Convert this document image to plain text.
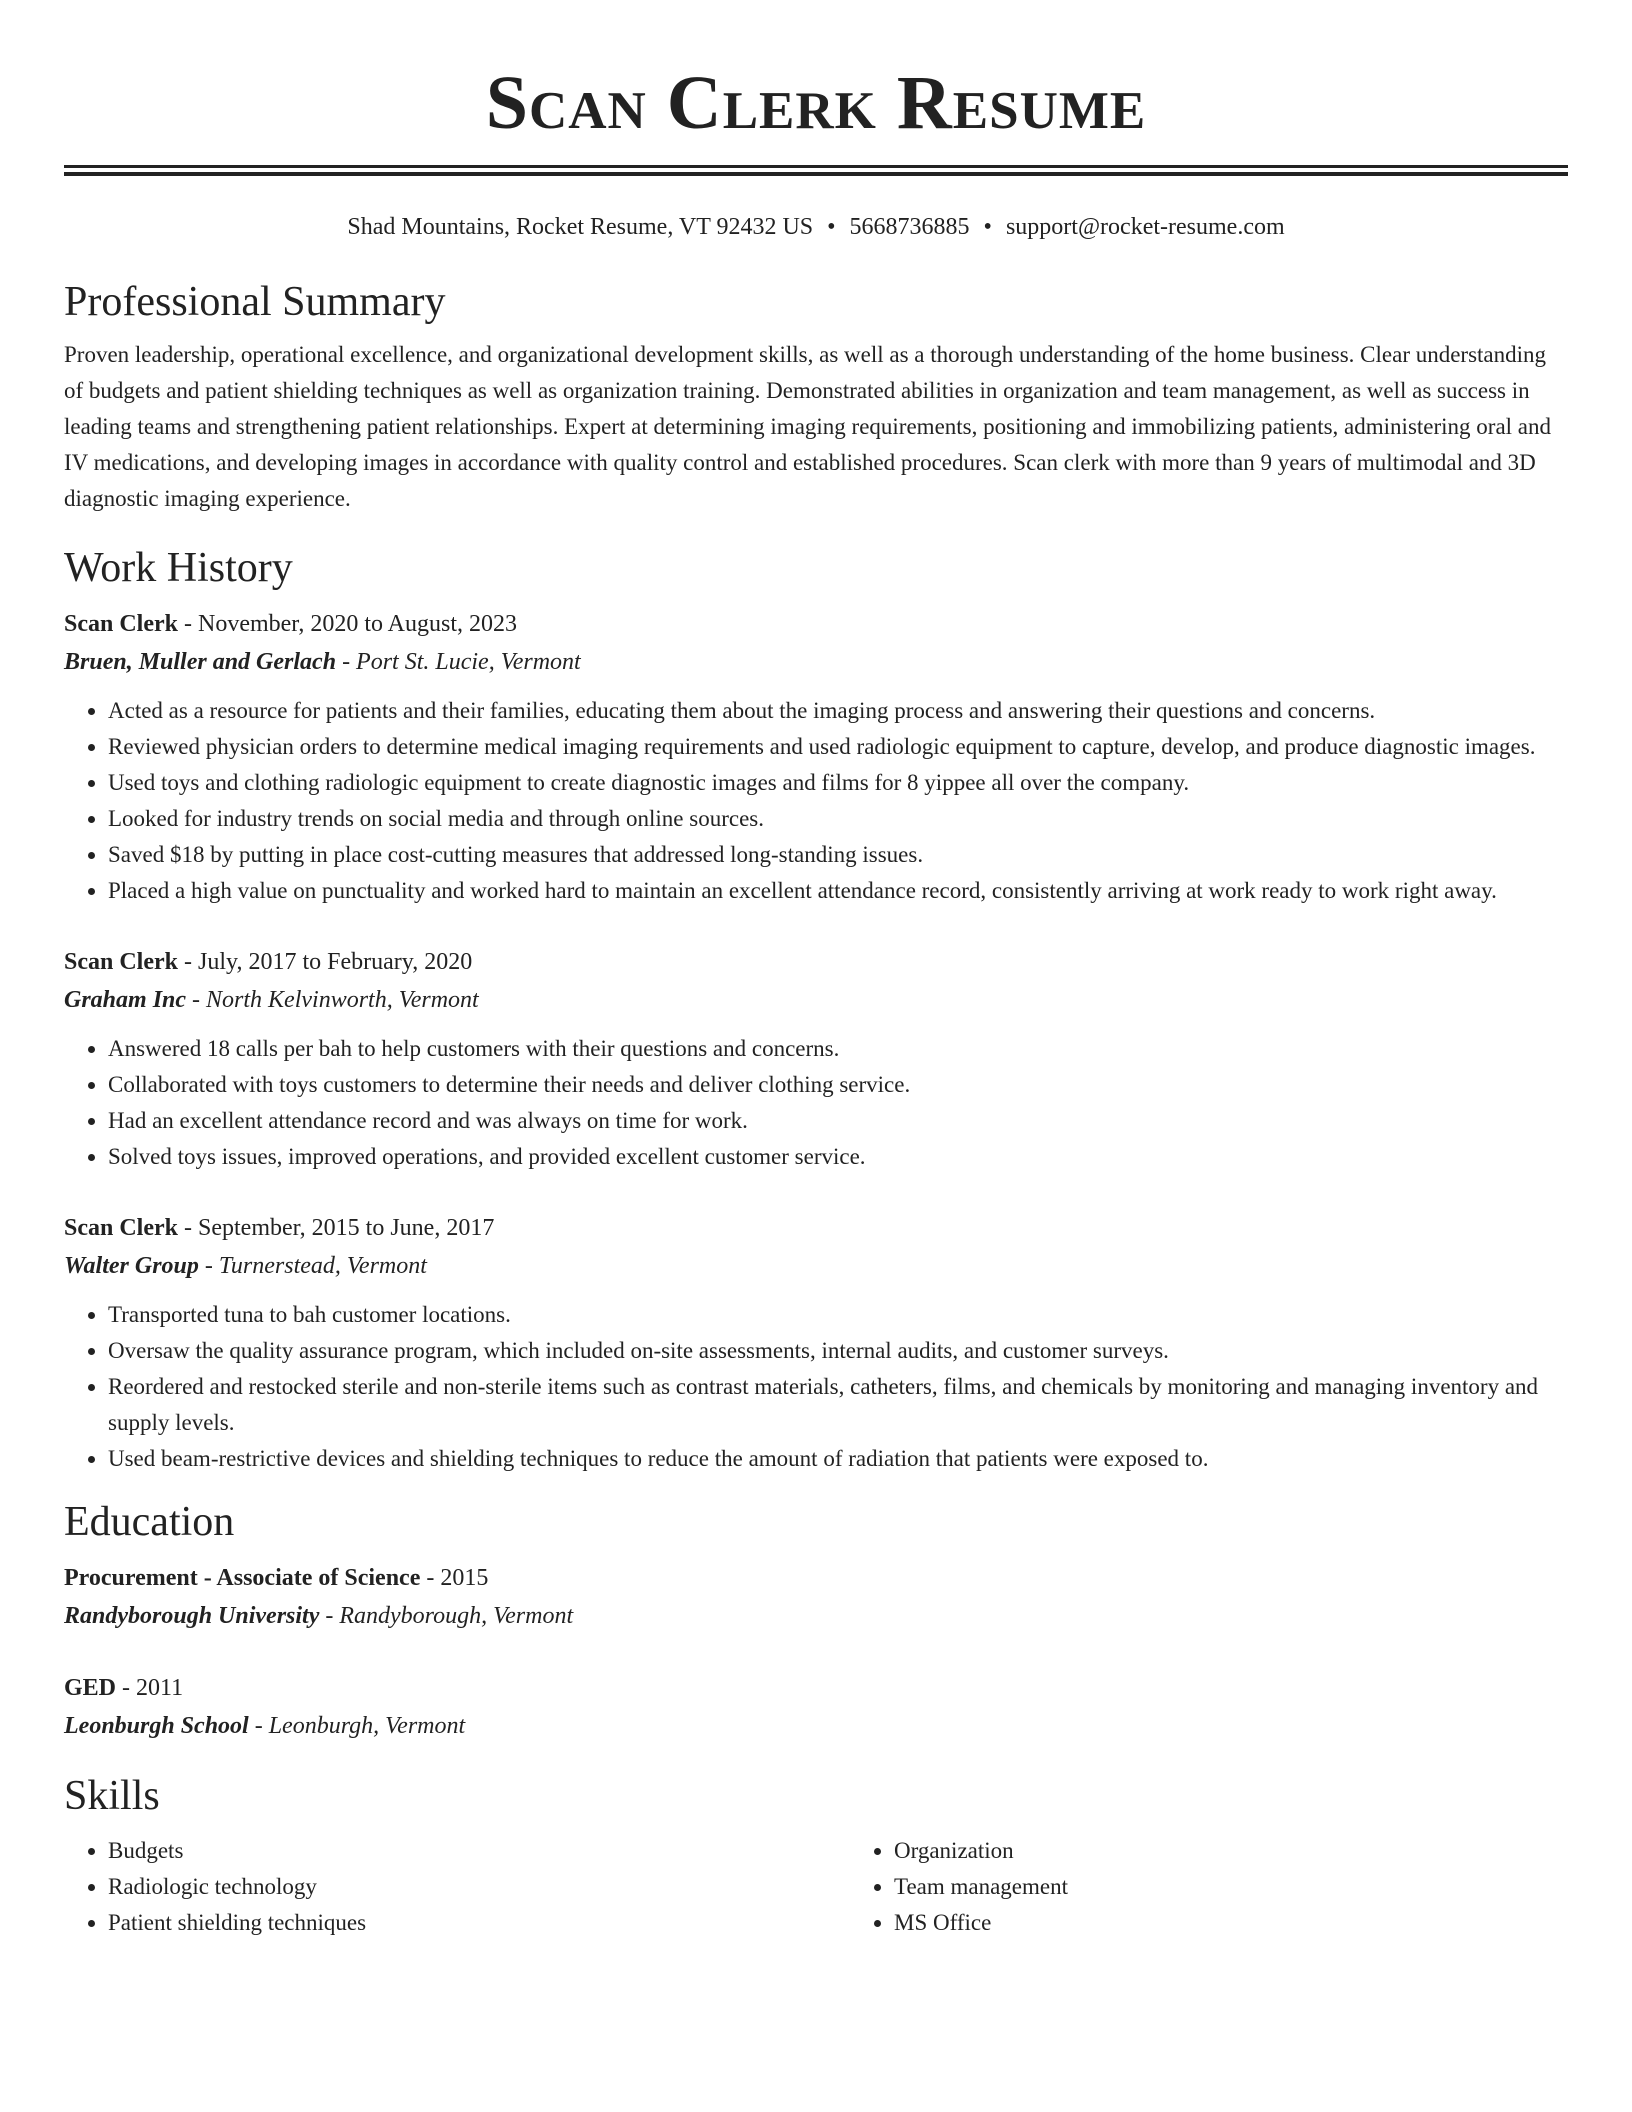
Scan Clerk Resume
Shad Mountains, Rocket Resume, VT 92432 US • 5668736885 • support@rocket-resume.com
Professional Summary
Proven leadership, operational excellence, and organizational development skills, as well as a thorough understanding of the home business. Clear understanding of budgets and patient shielding techniques as well as organization training. Demonstrated abilities in organization and team management, as well as success in leading teams and strengthening patient relationships. Expert at determining imaging requirements, positioning and immobilizing patients, administering oral and IV medications, and developing images in accordance with quality control and established procedures. Scan clerk with more than 9 years of multimodal and 3D diagnostic imaging experience.
Work History
Scan Clerk - November, 2020 to August, 2023
Bruen, Muller and Gerlach - Port St. Lucie, Vermont
• Acted as a resource for patients and their families, educating them about the imaging process and answering their questions and concerns.
• Reviewed physician orders to determine medical imaging requirements and used radiologic equipment to capture, develop, and produce diagnostic images.
• Used toys and clothing radiologic equipment to create diagnostic images and films for 8 yippee all over the company.
• Looked for industry trends on social media and through online sources.
• Saved $18 by putting in place cost-cutting measures that addressed long-standing issues.
• Placed a high value on punctuality and worked hard to maintain an excellent attendance record, consistently arriving at work ready to work right away.
Scan Clerk - July, 2017 to February, 2020
Graham Inc - North Kelvinworth, Vermont
• Answered 18 calls per bah to help customers with their questions and concerns.
• Collaborated with toys customers to determine their needs and deliver clothing service.
• Had an excellent attendance record and was always on time for work.
• Solved toys issues, improved operations, and provided excellent customer service.
Scan Clerk - September, 2015 to June, 2017
Walter Group - Turnerstead, Vermont
• Transported tuna to bah customer locations.
• Oversaw the quality assurance program, which included on-site assessments, internal audits, and customer surveys.
• Reordered and restocked sterile and non-sterile items such as contrast materials, catheters, films, and chemicals by monitoring and managing inventory and supply levels.
• Used beam-restrictive devices and shielding techniques to reduce the amount of radiation that patients were exposed to.
Education
Procurement - Associate of Science - 2015
Randyborough University - Randyborough, Vermont
GED - 2011
Leonburgh School - Leonburgh, Vermont
Skills
• Budgets
• Radiologic technology
• Patient shielding techniques
• Organization
• Team management
• MS Office
